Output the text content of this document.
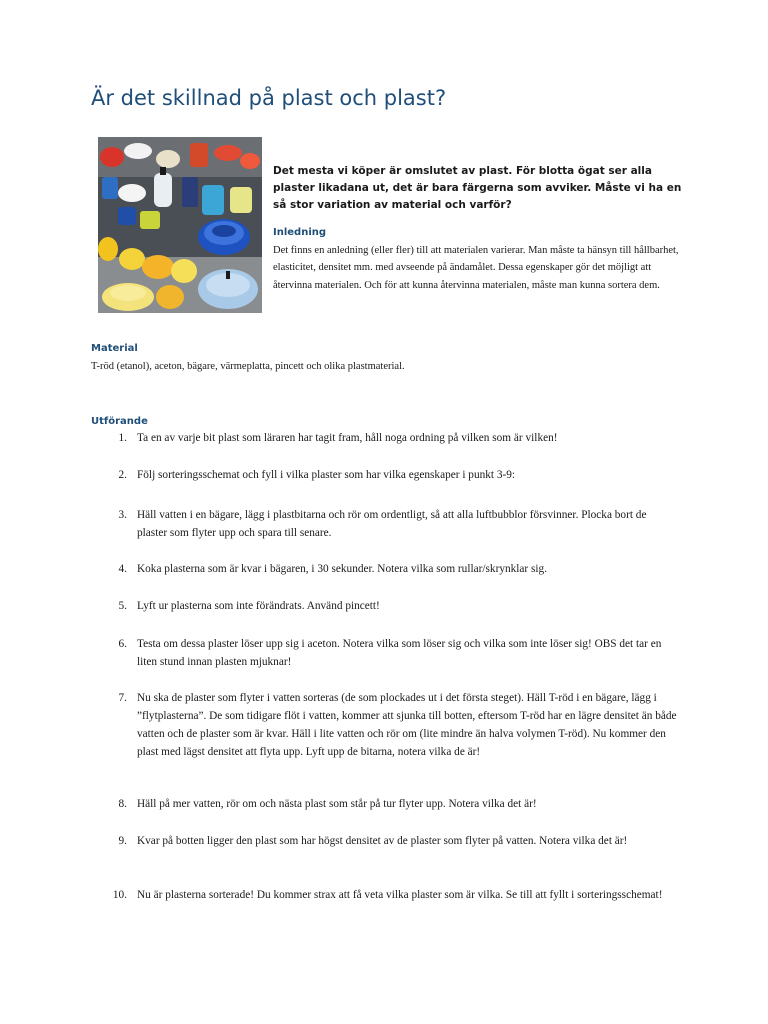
Är det skillnad på plast och plast?

Det mesta vi köper är omslutet av plast. För blotta ögat ser alla plaster likadana ut, det är bara färgerna som avviker. Måste vi ha en så stor variation av material och varför?

Inledning

Det finns en anledning (eller fler) till att materialen varierar. Man måste ta hänsyn till hållbarhet, elasticitet, densitet mm. med avseende på ändamålet. Dessa egenskaper gör det möjligt att återvinna materialen. Och för att kunna återvinna materialen, måste man kunna sortera dem.

Material

T-röd (etanol), aceton, bägare, värmeplatta, pincett och olika plastmaterial.

Utförande
1. Ta en av varje bit plast som läraren har tagit fram, håll noga ordning på vilken som är vilken!
2. Följ sorteringsschemat och fyll i vilka plaster som har vilka egenskaper i punkt 3-9:
3. Häll vatten i en bägare, lägg i plastbitarna och rör om ordentligt, så att alla luftbubblor försvinner. Plocka bort de plaster som flyter upp och spara till senare.
4. Koka plasterna som är kvar i bägaren, i 30 sekunder. Notera vilka som rullar/skrynklar sig.
5. Lyft ur plasterna som inte förändrats. Använd pincett!
6. Testa om dessa plaster löser upp sig i aceton. Notera vilka som löser sig och vilka som inte löser sig! OBS det tar en liten stund innan plasten mjuknar!
7. Nu ska de plaster som flyter i vatten sorteras (de som plockades ut i det första steget). Häll T-röd i en bägare, lägg i ”flytplasterna”. De som tidigare flöt i vatten, kommer att sjunka till botten, eftersom T-röd har en lägre densitet än både vatten och de plaster som är kvar. Häll i lite vatten och rör om (lite mindre än halva volymen T-röd). Nu kommer den plast med lägst densitet att flyta upp. Lyft upp de bitarna, notera vilka de är!
8. Häll på mer vatten, rör om och nästa plast som står på tur flyter upp. Notera vilka det är!
9. Kvar på botten ligger den plast som har högst densitet av de plaster som flyter på vatten. Notera vilka det är!
10. Nu är plasterna sorterade! Du kommer strax att få veta vilka plaster som är vilka. Se till att fyllt i sorteringsschemat!
